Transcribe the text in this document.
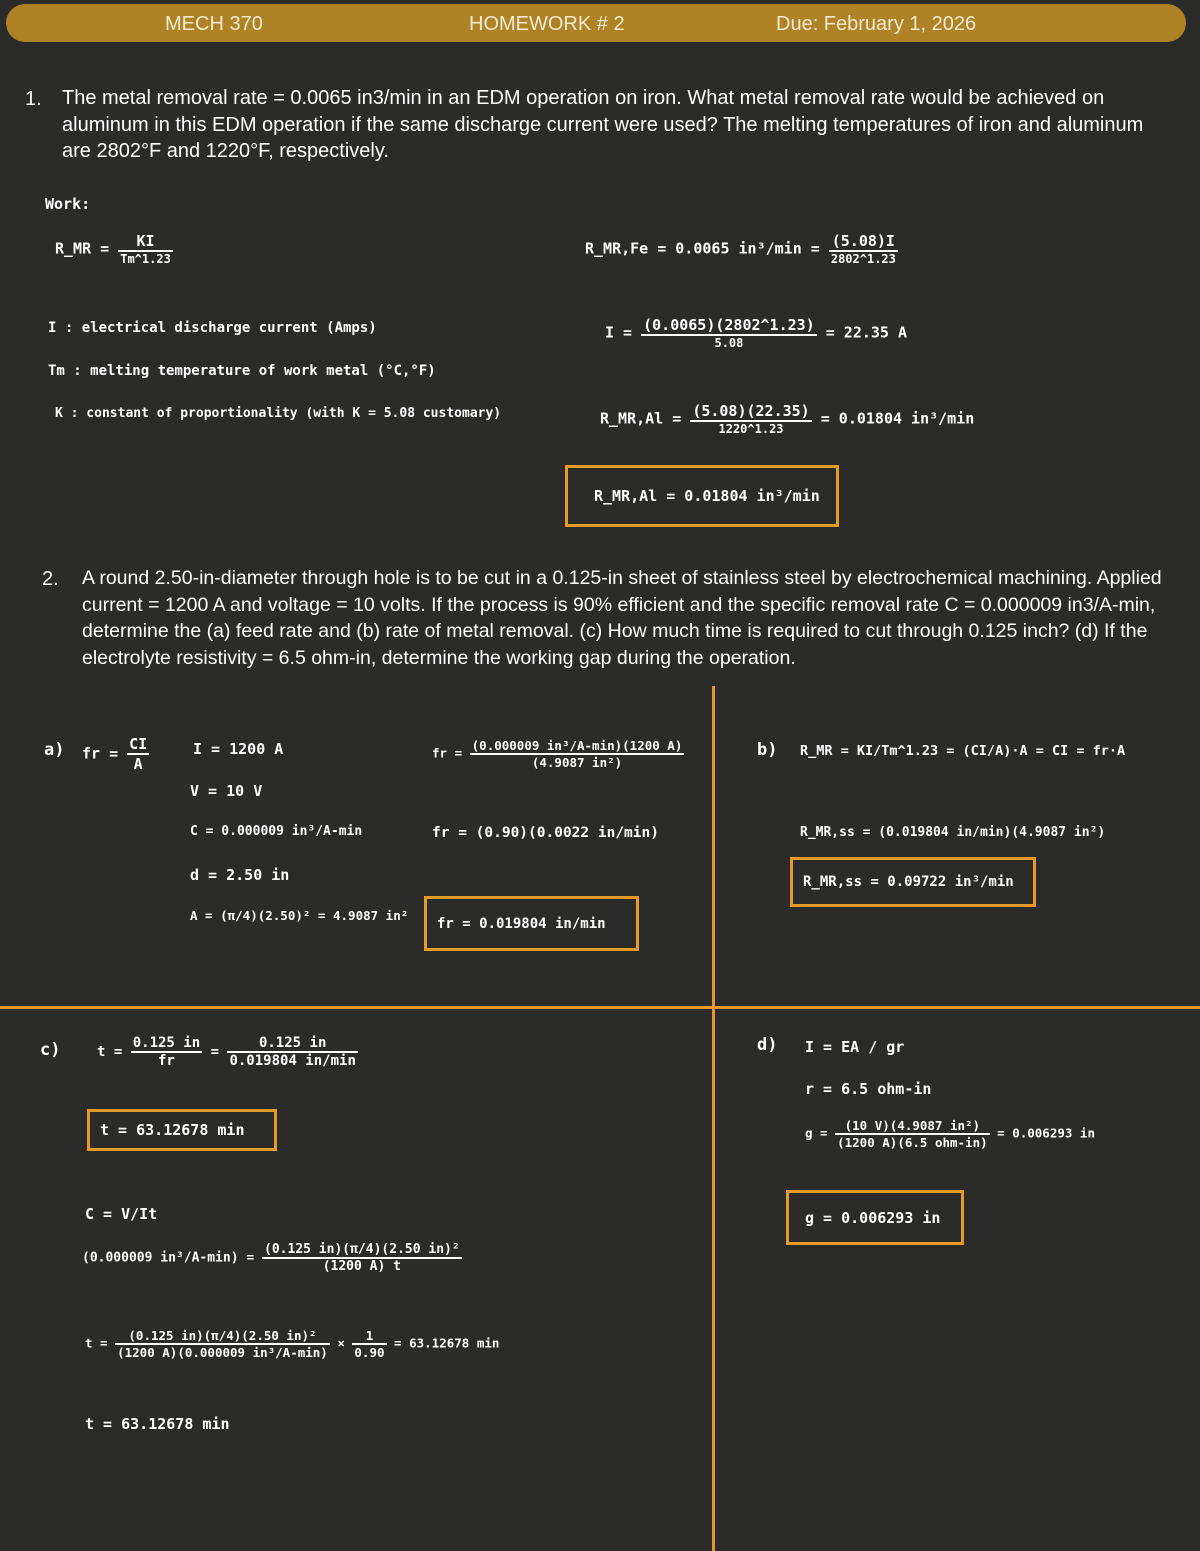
MECH 370	HOMEWORK # 2	Due: February 1, 2026
1. The metal removal rate = 0.0065 in3/min in an EDM operation on iron. What metal removal rate would be achieved on aluminum in this EDM operation if the same discharge current were used? The melting temperatures of iron and aluminum are 2802°F and 1220°F, respectively.
Work:
R_MR = $\frac{KI}{Tm\^{}1.23}$
I : electrical discharge current (Amps)
Tm : melting temperature of work metal (°C,°F)
K : constant of proportionality (with K = 5.08 customary)
R_MR,Fe = 0.0065 $in^3/\min = \frac{(5.08)I}{2802\^{}1.23}$
$I = \frac{(0.0065)(2802\^{}1.23)}{5.08} = 22.35$ A
R_MR,Al = $\frac{(5.08)(22.35)}{1220\^{}1.23} = 0.01804$ in³/min
R_MR,Al = 0.01804 in³/min
2. A round 2.50-in-diameter through hole is to be cut in a 0.125-in sheet of stainless steel by electrochemical machining. Applied current = 1200 A and voltage = 10 volts. If the process is 90% efficient and the specific removal rate C = 0.000009 in3/A-min, determine the (a) feed rate and (b) rate of metal removal. (c) How much time is required to cut through 0.125 inch? (d) If the electrolyte resistivity = 6.5 ohm-in, determine the working gap during the operation.
a) fr = $\frac{CI}{A}$	I = 1200 A
V = 10 V
C = 0.000009 in³/A-min
d = 2.50 in
A = (π/4)(2.50)² = 4.9087 in²
fr = $\frac{\text{(0.000009 in³/A-min)(1200 A)}}{\text{(4.9087 in²)}}$
fr = (0.90)(0.0022 in/min)
fr = 0.019804 in/min
b) R_MR = KI/Tm^1.23 = (CI/A)·A = CI = fr·A
R_MR,ss = (0.019804 in/min)(4.9087 in²)
R_MR,ss = 0.09722 in³/min
c)	$t = \frac{0.125 in}{fr} = \frac{0.125 in}{0.019804 in/\min}$
t = 63.12678 min
C = V/It
(0.000009 $in^3/A-\min) = \frac{\text{(0.125 in)(π/4)(2.50 in)²}}{(1200 A) t}$
$t = \frac{\text{(0.125 in)(π/4)(2.50 in)²}}{\text{(1200 A)(0.000009 in³/A-min)}} \times \frac{1}{0.90} = 63.12678$ min
t = 63.12678 min
d) I = EA / gr
r = 6.5 ohm-in
$g = \frac{\text{(10 V)(4.9087 in²)}}{\text{(1200 A)(6.5 ohm-in)}} = 0.006293$ in
g = 0.006293 in
